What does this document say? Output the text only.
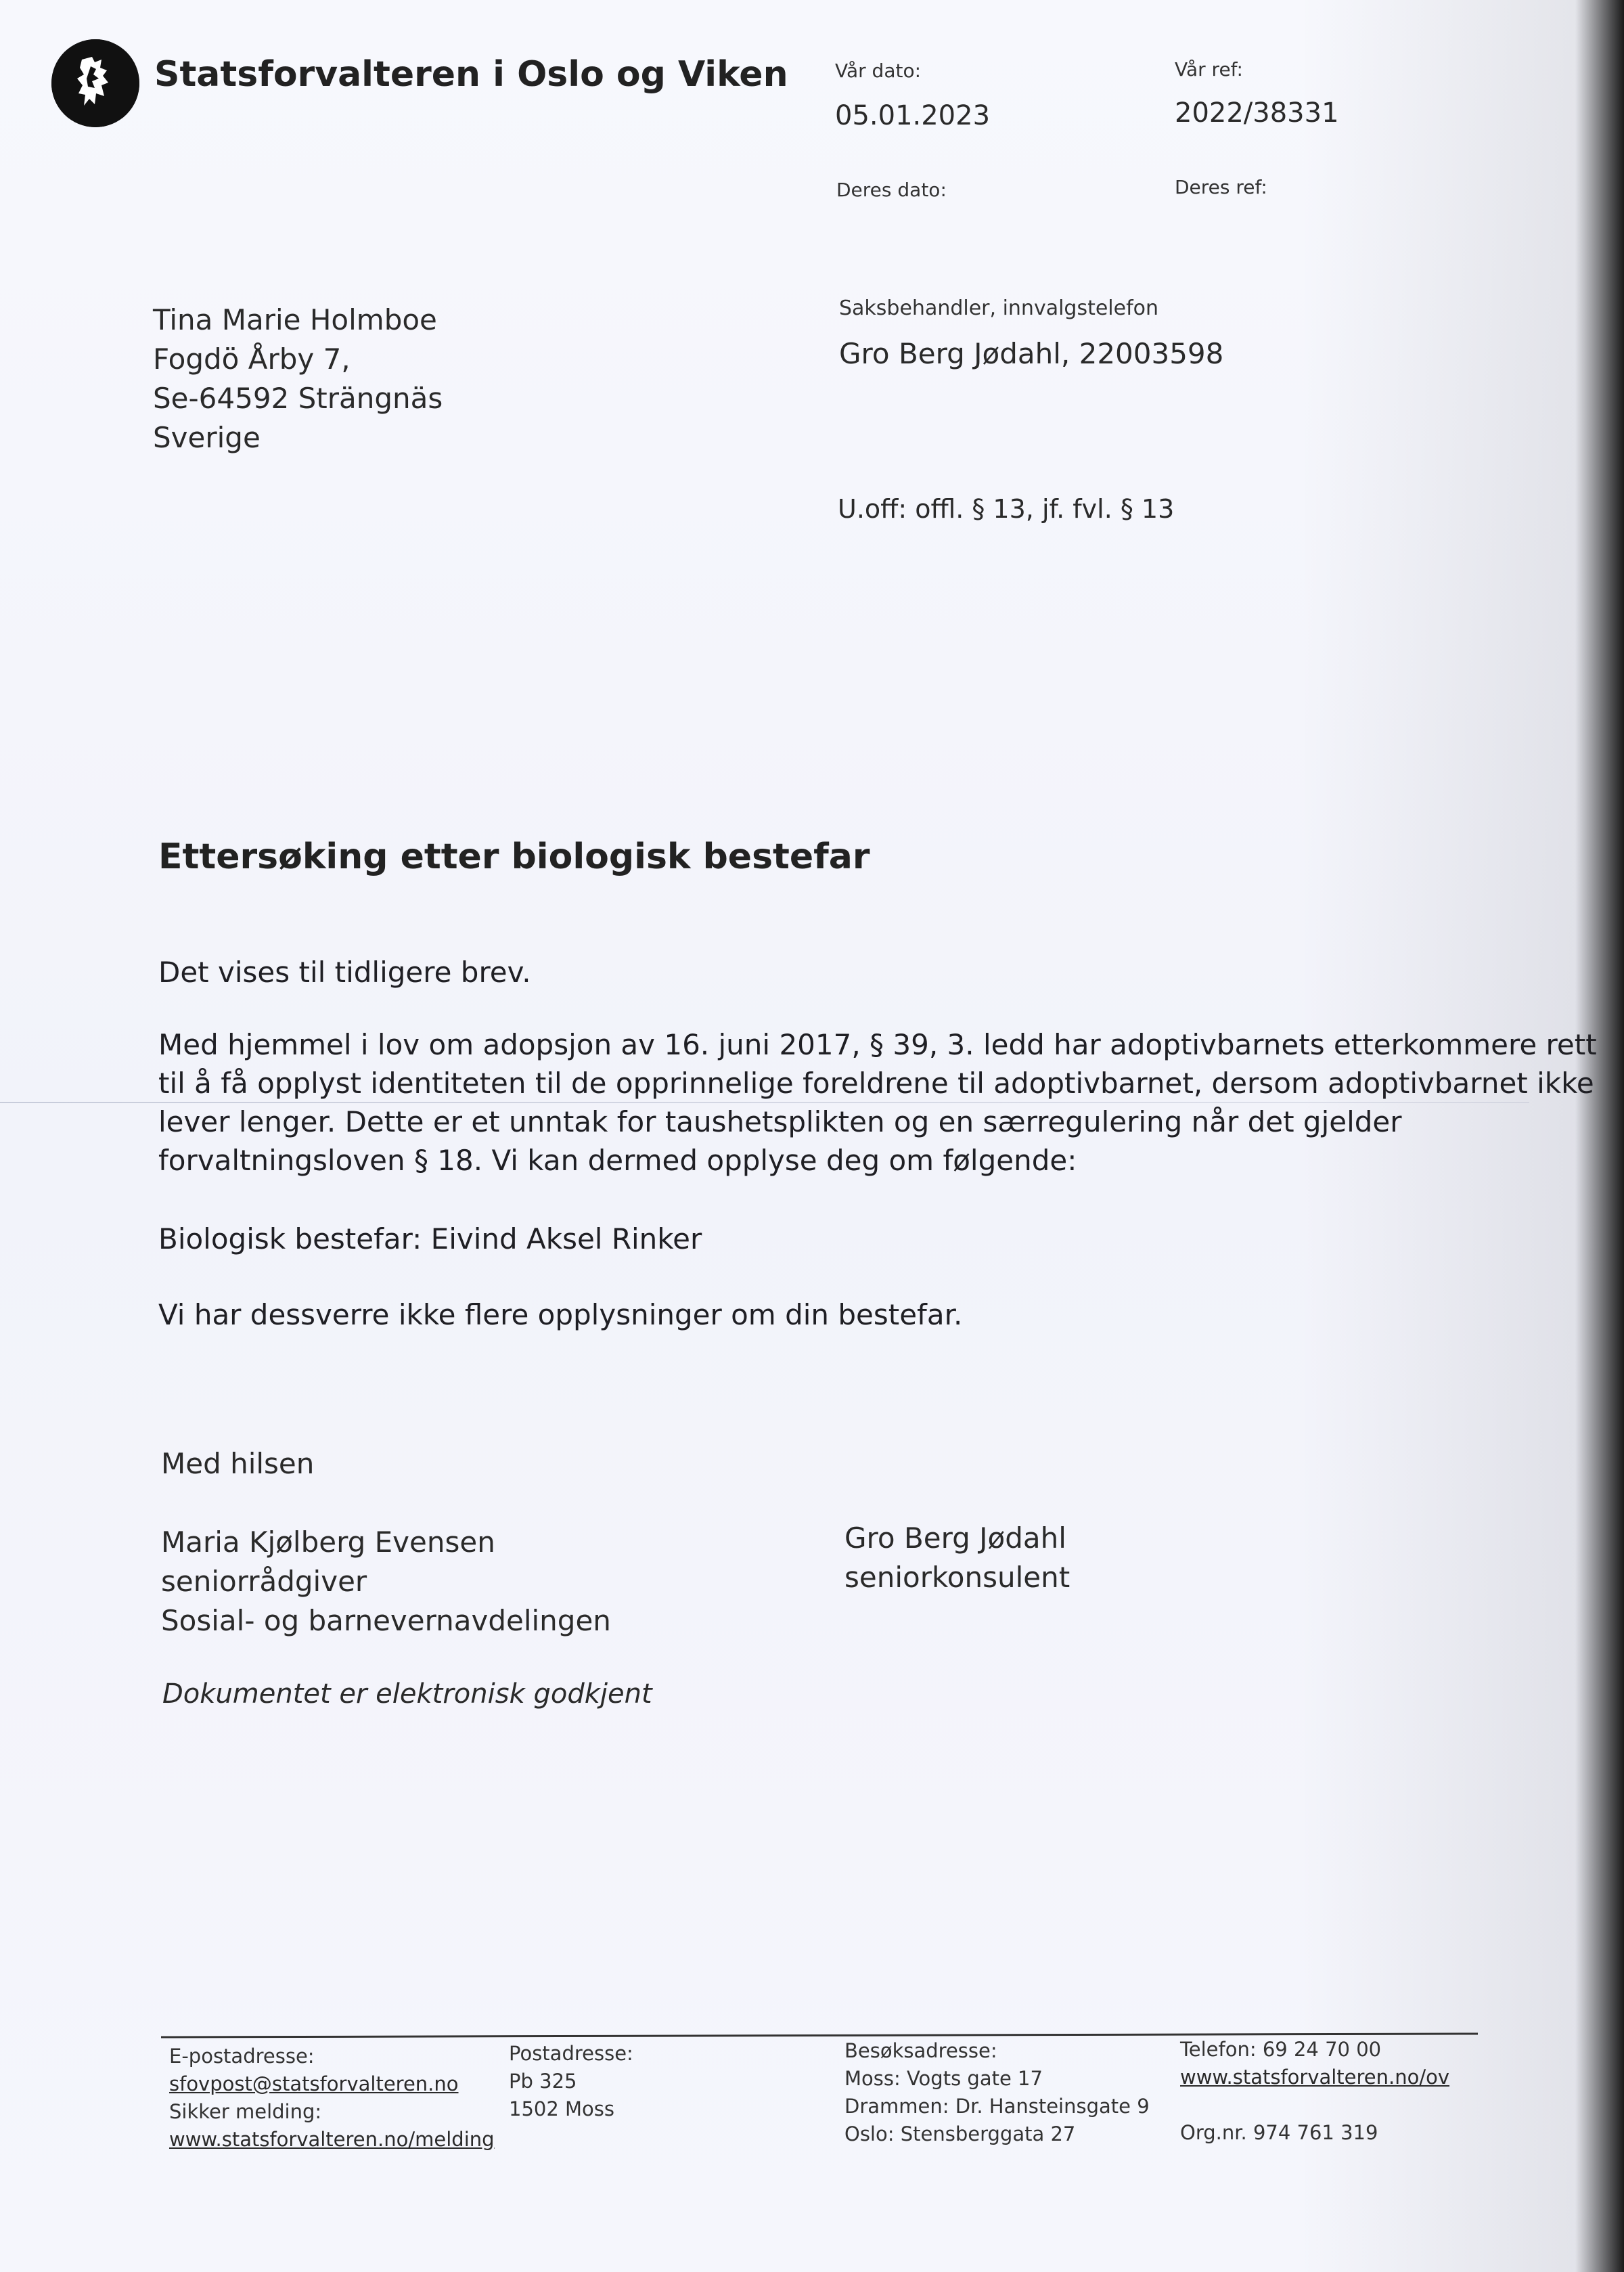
Statsforvalteren i Oslo og Viken Vår dato:
05.01.2023
Vår ref:
2022/38331
Deres dato:	Deres ref:
Tina Marie Holmboe
Fogdö Årby 7,
Se-64592 Strängnäs
Sverige
Saksbehandler, innvalgstelefon
Gro Berg Jødahl, 22003598
U.off: offl. § 13, jf. fvl. § 13
Ettersøking etter biologisk bestefar
Det vises til tidligere brev.
Med hjemmel i lov om adopsjon av 16. juni 2017, § 39, 3. ledd har adoptivbarnets etterkommere rett
til å få opplyst identiteten til de opprinnelige foreldrene til adoptivbarnet, dersom adoptivbarnet ikke
lever lenger. Dette er et unntak for taushetsplikten og en særregulering når det gjelder
forvaltningsloven § 18. Vi kan dermed opplyse deg om følgende:
Biologisk bestefar: Eivind Aksel Rinker
Vi har dessverre ikke flere opplysninger om din bestefar.
Med hilsen
Maria Kjølberg Evensen
seniorrådgiver
Sosial- og barnevernavdelingen
Gro Berg Jødahl
seniorkonsulent
Dokumentet er elektronisk godkjent
E-postadresse:
sfovpost@statsforvalteren.no
Sikker melding:
www.statsforvalteren.no/melding
Postadresse:
Pb 325
1502 Moss
Besøksadresse:
Moss: Vogts gate 17
Drammen: Dr. Hansteinsgate 9
Oslo: Stensberggata 27
Telefon: 69 24 70 00
www.statsforvalteren.no/ov
Org.nr. 974 761 319
